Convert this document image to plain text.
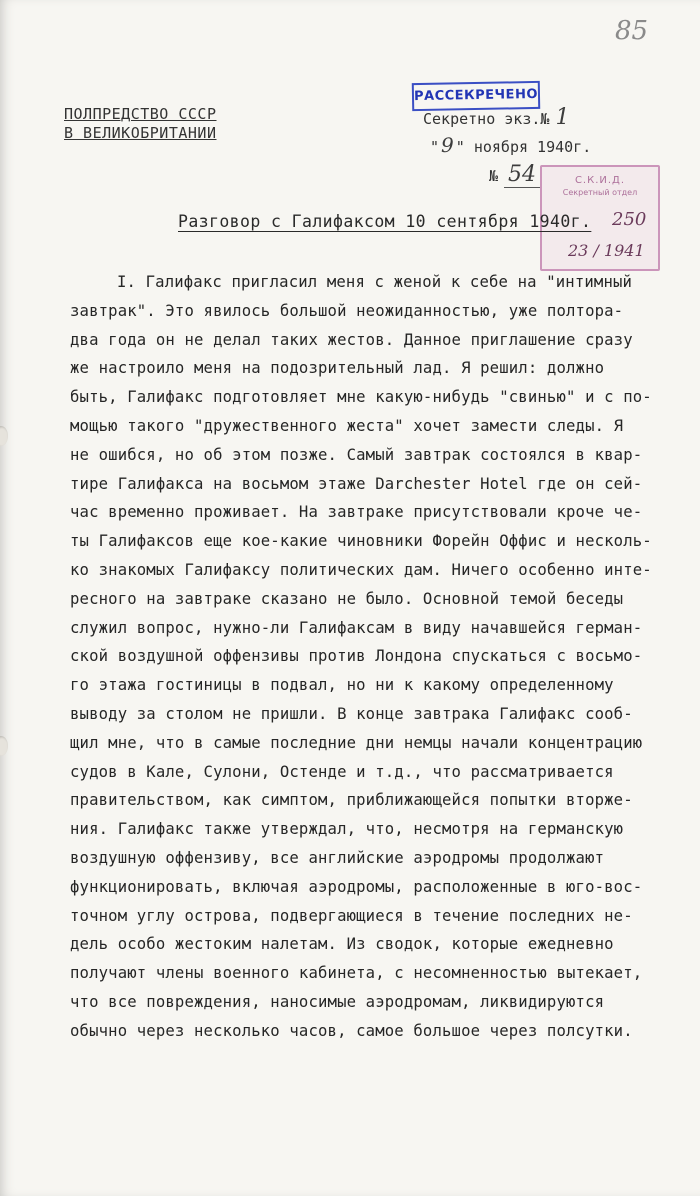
85
РАССЕКРЕЧЕНО
ПОЛПРЕДСТВО СССР
В ВЕЛИКОБРИТАНИИ
Секретно экз.№ 1
" 9 " ноября 1940г.
№ 54	С.К.И.Д.
Секретный отдел
250
23 / 1941
Разговор с Галифаксом 10 сентября 1940г.
I. Галифакс пригласил меня с женой к себе на "интимный
завтрак". Это явилось большой неожиданностью, уже полтора-
два года он не делал таких жестов. Данное приглашение сразу
же настроило меня на подозрительный лад. Я решил: должно
быть, Галифакс подготовляет мне какую-нибудь "свинью" и с по-
мощью такого "дружественного жеста" хочет замести следы. Я
не ошибся, но об этом позже. Самый завтрак состоялся в квар-
тире Галифакса на восьмом этаже Darchester Hotel где он сей-
час временно проживает. На завтраке присутствовали кроче че-
ты Галифаксов еще кое-какие чиновники Форейн Оффис и несколь-
ко знакомых Галифаксу политических дам. Ничего особенно инте-
ресного на завтраке сказано не было. Основной темой беседы
служил вопрос, нужно-ли Галифаксам в виду начавшейся герман-
ской воздушной оффензивы против Лондона спускаться с восьмо-
го этажа гостиницы в подвал, но ни к какому определенному
выводу за столом не пришли. В конце завтрака Галифакс сооб-
щил мне, что в самые последние дни немцы начали концентрацию
судов в Кале, Сулони, Остенде и т.д., что рассматривается
правительством, как симптом, приближающейся попытки вторже-
ния. Галифакс также утверждал, что, несмотря на германскую
воздушную оффензиву, все английские аэродромы продолжают
функционировать, включая аэродромы, расположенные в юго-вос-
точном углу острова, подвергающиеся в течение последних не-
дель особо жестоким налетам. Из сводок, которые ежедневно
получают члены военного кабинета, с несомненностью вытекает,
что все повреждения, наносимые аэродромам, ликвидируются
обычно через несколько часов, самое большое через полсутки.
